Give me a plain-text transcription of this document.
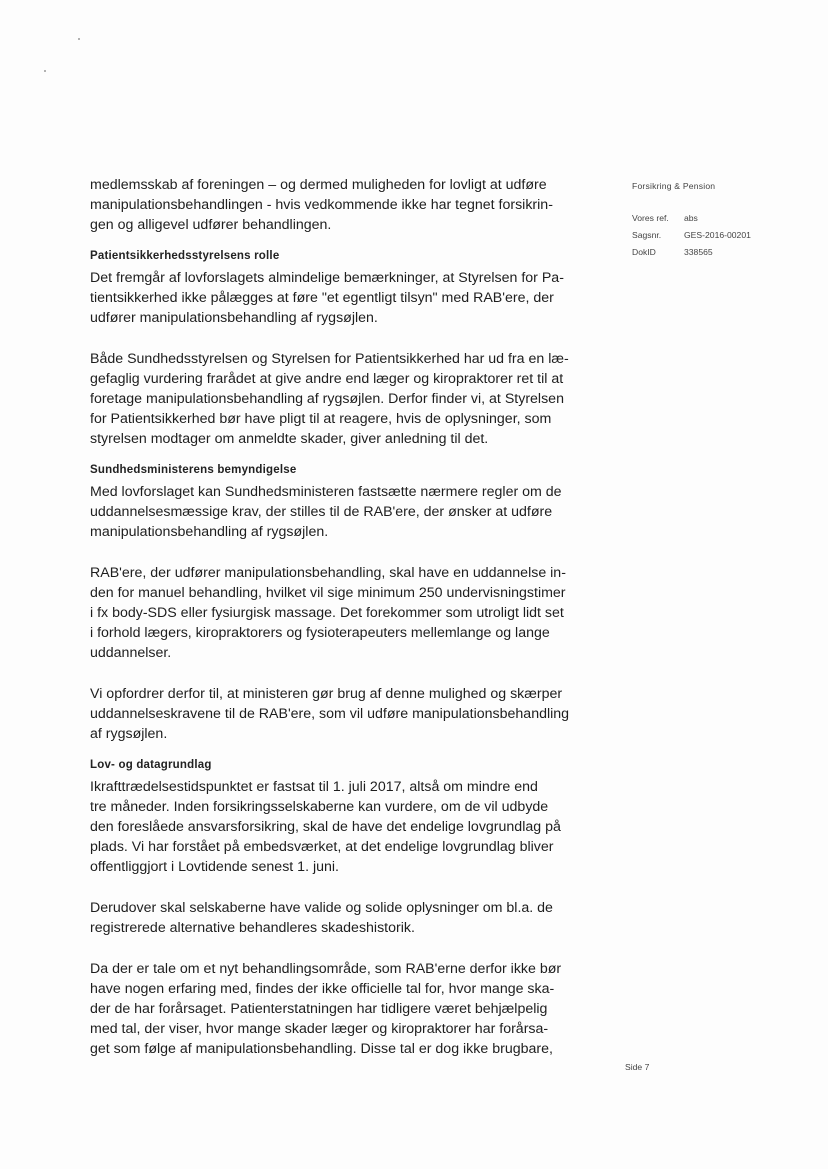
medlemsskab af foreningen – og dermed muligheden for lovligt at udføre
manipulationsbehandlingen - hvis vedkommende ikke har tegnet forsikrin-
gen og alligevel udfører behandlingen.
Patientsikkerhedsstyrelsens rolle
Det fremgår af lovforslagets almindelige bemærkninger, at Styrelsen for Pa-
tientsikkerhed ikke pålægges at føre "et egentligt tilsyn" med RAB'ere, der
udfører manipulationsbehandling af rygsøjlen.
Både Sundhedsstyrelsen og Styrelsen for Patientsikkerhed har ud fra en læ-
gefaglig vurdering frarådet at give andre end læger og kiropraktorer ret til at
foretage manipulationsbehandling af rygsøjlen. Derfor finder vi, at Styrelsen
for Patientsikkerhed bør have pligt til at reagere, hvis de oplysninger, som
styrelsen modtager om anmeldte skader, giver anledning til det.
Sundhedsministerens bemyndigelse
Med lovforslaget kan Sundhedsministeren fastsætte nærmere regler om de
uddannelsesmæssige krav, der stilles til de RAB'ere, der ønsker at udføre
manipulationsbehandling af rygsøjlen.
RAB'ere, der udfører manipulationsbehandling, skal have en uddannelse in-
den for manuel behandling, hvilket vil sige minimum 250 undervisningstimer
i fx body-SDS eller fysiurgisk massage. Det forekommer som utroligt lidt set
i forhold lægers, kiropraktorers og fysioterapeuters mellemlange og lange
uddannelser.
Vi opfordrer derfor til, at ministeren gør brug af denne mulighed og skærper
uddannelseskravene til de RAB'ere, som vil udføre manipulationsbehandling
af rygsøjlen.
Lov- og datagrundlag
Ikrafttrædelsestidspunktet er fastsat til 1. juli 2017, altså om mindre end
tre måneder. Inden forsikringsselskaberne kan vurdere, om de vil udbyde
den foreslåede ansvarsforsikring, skal de have det endelige lovgrundlag på
plads. Vi har forstået på embedsværket, at det endelige lovgrundlag bliver
offentliggjort i Lovtidende senest 1. juni.
Derudover skal selskaberne have valide og solide oplysninger om bl.a. de
registrerede alternative behandleres skadeshistorik.
Da der er tale om et nyt behandlingsområde, som RAB'erne derfor ikke bør
have nogen erfaring med, findes der ikke officielle tal for, hvor mange ska-
der de har forårsaget. Patienterstatningen har tidligere været behjælpelig
med tal, der viser, hvor mange skader læger og kiropraktorer har forårsa-
get som følge af manipulationsbehandling. Disse tal er dog ikke brugbare,
Forsikring & Pension
Vores ref.	abs
Sagsnr.	GES-2016-00201
DokID	338565
Side 7
